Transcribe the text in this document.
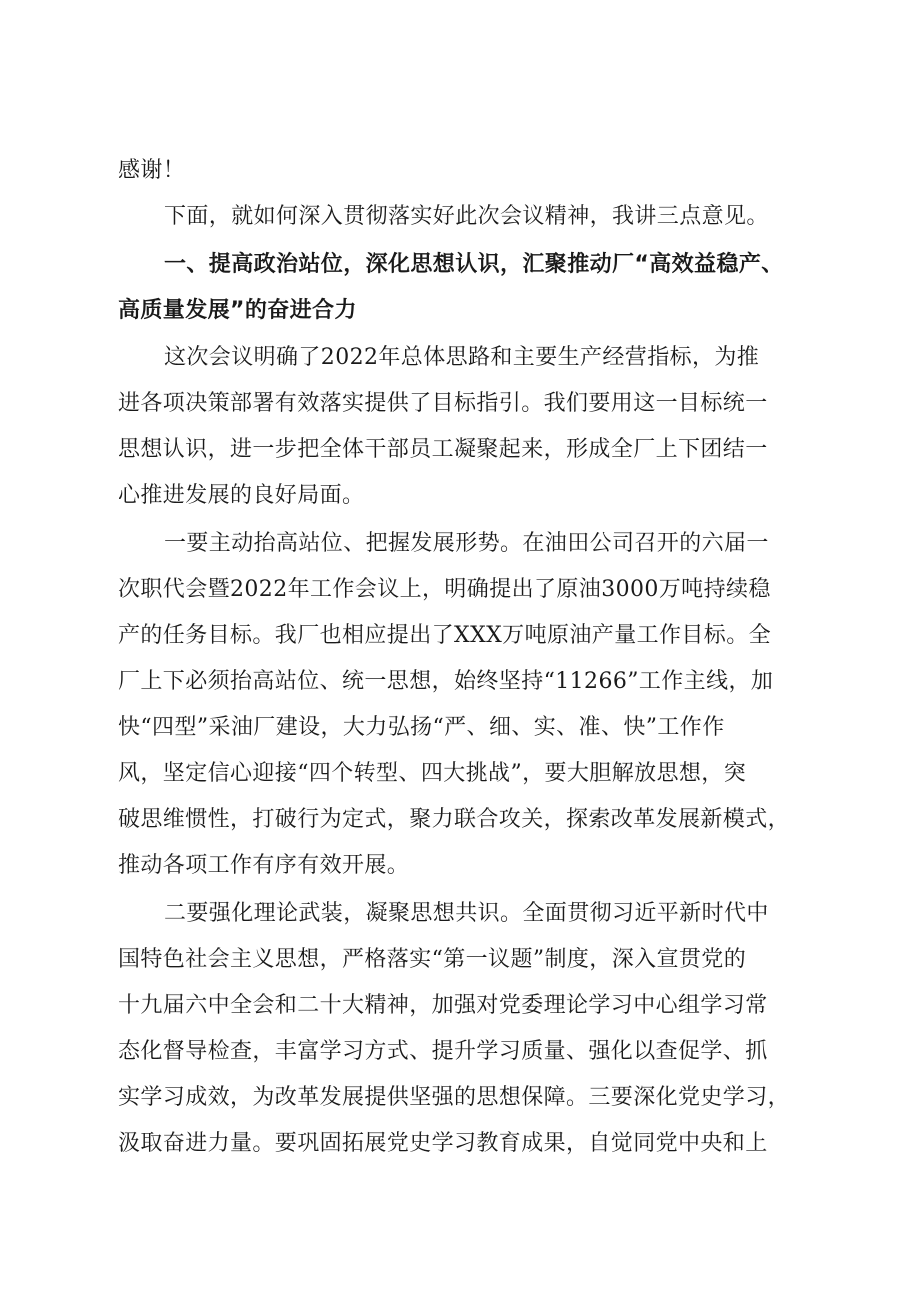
感谢！
下面，就如何深入贯彻落实好此次会议精神，我讲三点意见。
一、提高政治站位，深化思想认识，汇聚推动厂“高效益稳产、
高质量发展”的奋进合力
这次会议明确了2022年总体思路和主要生产经营指标，为推
进各项决策部署有效落实提供了目标指引。我们要用这一目标统一
思想认识，进一步把全体干部员工凝聚起来，形成全厂上下团结一
心推进发展的良好局面。
一要主动抬高站位、把握发展形势。在油田公司召开的六届一
次职代会暨2022年工作会议上，明确提出了原油3000万吨持续稳
产的任务目标。我厂也相应提出了XXX万吨原油产量工作目标。全
厂上下必须抬高站位、统一思想，始终坚持“11266”工作主线，加
快“四型”采油厂建设，大力弘扬“严、细、实、准、快”工作作
风，坚定信心迎接“四个转型、四大挑战”，要大胆解放思想，突
破思维惯性，打破行为定式，聚力联合攻关，探索改革发展新模式，
推动各项工作有序有效开展。
二要强化理论武装，凝聚思想共识。全面贯彻习近平新时代中
国特色社会主义思想，严格落实“第一议题”制度，深入宣贯党的
十九届六中全会和二十大精神，加强对党委理论学习中心组学习常
态化督导检查，丰富学习方式、提升学习质量、强化以查促学、抓
实学习成效，为改革发展提供坚强的思想保障。三要深化党史学习，
汲取奋进力量。要巩固拓展党史学习教育成果，自觉同党中央和上
